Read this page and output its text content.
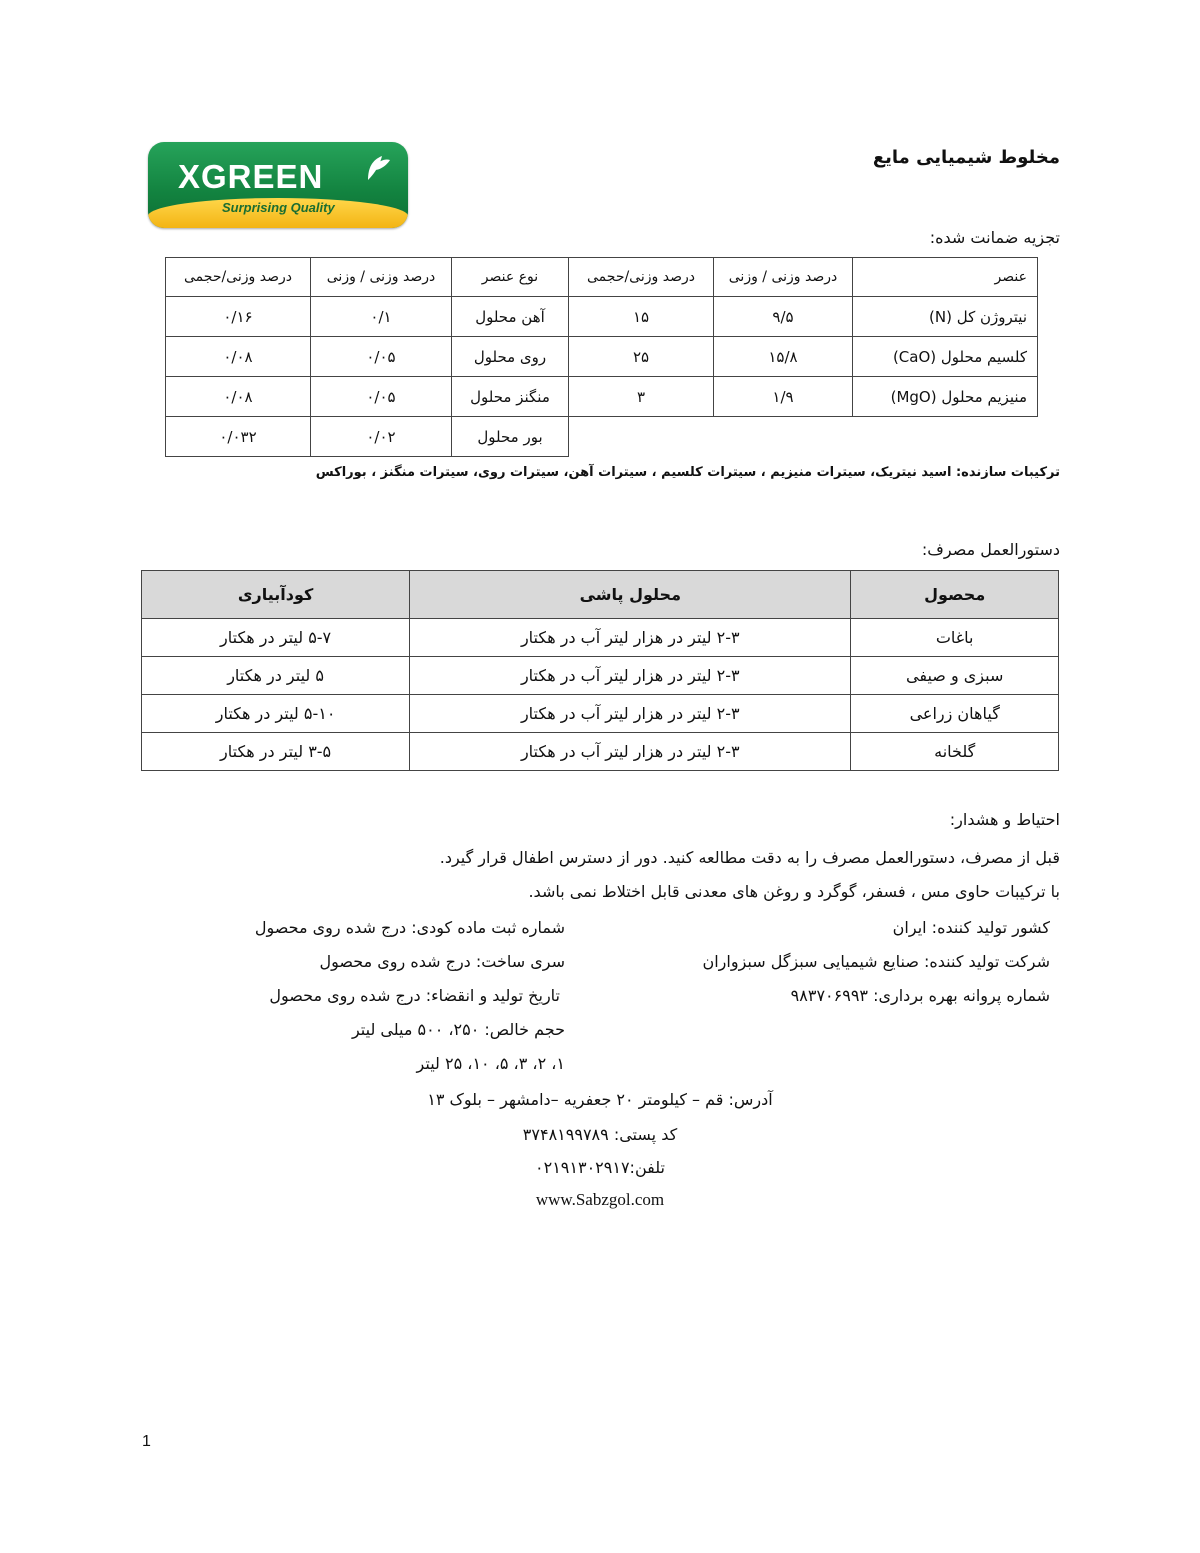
XGREEN
Surprising Quality
مخلوط شیمیایی مایع
تجزیه ضمانت شده:
عنصر	درصد وزنی / وزنی	درصد وزنی/حجمی	نوع عنصر	درصد وزنی / وزنی	درصد وزنی/حجمی
نیتروژن کل (N)	۹/۵	۱۵	آهن محلول	۰/۱	۰/۱۶
کلسیم محلول (CaO)	۱۵/۸	۲۵	روی محلول	۰/۰۵	۰/۰۸
منیزیم محلول (MgO)	۱/۹	۳	منگنز محلول	۰/۰۵	۰/۰۸
			بور محلول	۰/۰۲	۰/۰۳۲
ترکیبات سازنده: اسید نیتریک، سیترات منیزیم ، سیترات کلسیم ، سیترات آهن، سیترات روی، سیترات منگنز ، بوراکس
دستورالعمل مصرف:
محصول	محلول پاشی	کودآبیاری
باغات	۲-۳ لیتر در هزار لیتر آب در هکتار	۵-۷ لیتر در هکتار
سبزی و صیفی	۲-۳ لیتر در هزار لیتر آب در هکتار	۵ لیتر در هکتار
گیاهان زراعی	۲-۳ لیتر در هزار لیتر آب در هکتار	۵-۱۰ لیتر در هکتار
گلخانه	۲-۳ لیتر در هزار لیتر آب در هکتار	۳-۵ لیتر در هکتار
احتیاط و هشدار:
قبل از مصرف، دستورالعمل مصرف را به دقت مطالعه کنید. دور از دسترس اطفال قرار گیرد.
با ترکیبات حاوی مس ، فسفر، گوگرد و روغن های معدنی قابل اختلاط نمی باشد.
کشور تولید کننده: ایران
شرکت تولید کننده: صنایع شیمیایی سبزگل سبزواران
شماره پروانه بهره برداری: ۹۸۳۷۰۶۹۹۳
شماره ثبت ماده کودی: درج شده روی محصول
سری ساخت: درج شده روی محصول
تاریخ تولید و انقضاء: درج شده روی محصول
حجم خالص: ۲۵۰، ۵۰۰ میلی لیتر
۱، ۲، ۳، ۵، ۱۰، ۲۵ لیتر
آدرس: قم – کیلومتر ۲۰ جعفریه –دامشهر – بلوک ۱۳
کد پستی: ۳۷۴۸۱۹۹۷۸۹
تلفن:۰۲۱۹۱۳۰۲۹۱۷
www.Sabzgol.com
1
